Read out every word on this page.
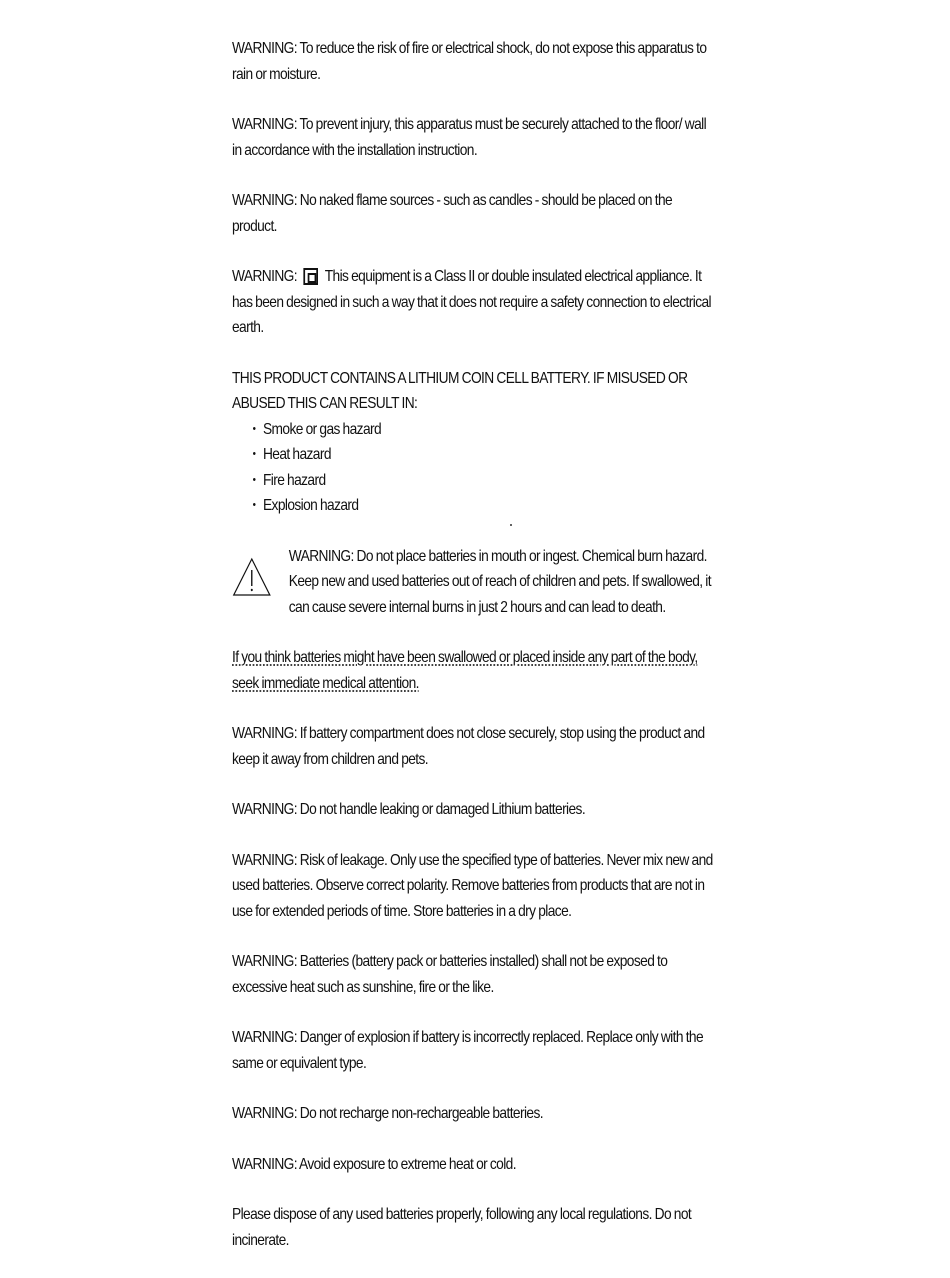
WARNING: To reduce the risk of fire or electrical shock, do not expose this apparatus to rain or moisture.

WARNING: To prevent injury, this apparatus must be securely attached to the floor/ wall in accordance with the installation instruction.

WARNING: No naked flame sources - such as candles - should be placed on the product.

WARNING: This equipment is a Class II or double insulated electrical appliance. It has been designed in such a way that it does not require a safety connection to electrical earth.

THIS PRODUCT CONTAINS A LITHIUM COIN CELL BATTERY. IF MISUSED OR ABUSED THIS CAN RESULT IN:
• Smoke or gas hazard
• Heat hazard
• Fire hazard
• Explosion hazard
WARNING: Do not place batteries in mouth or ingest. Chemical burn hazard. Keep new and used batteries out of reach of children and pets. If swallowed, it can cause severe internal burns in just 2 hours and can lead to death.

If you think batteries might have been swallowed or placed inside any part of the body, seek immediate medical attention.

WARNING: If battery compartment does not close securely, stop using the product and keep it away from children and pets.

WARNING: Do not handle leaking or damaged Lithium batteries.

WARNING: Risk of leakage. Only use the specified type of batteries. Never mix new and used batteries. Observe correct polarity. Remove batteries from products that are not in use for extended periods of time. Store batteries in a dry place.

WARNING: Batteries (battery pack or batteries installed) shall not be exposed to excessive heat such as sunshine, fire or the like.

WARNING: Danger of explosion if battery is incorrectly replaced. Replace only with the same or equivalent type.

WARNING: Do not recharge non-rechargeable batteries.

WARNING: Avoid exposure to extreme heat or cold.

Please dispose of any used batteries properly, following any local regulations. Do not incinerate.
